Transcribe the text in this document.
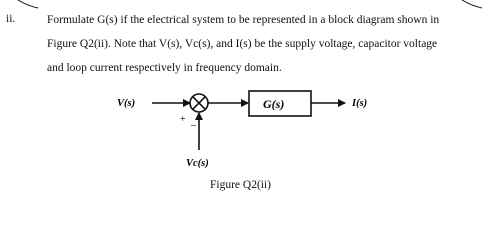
ii.	Formulate G(s) if the electrical system to be represented in a block diagram shown in
Figure Q2(ii). Note that V(s), Vc(s), and I(s) be the supply voltage, capacitor voltage
and loop current respectively in frequency domain.
V(s)
+
–
G(s)	I(s)
Vc(s)
Figure Q2(ii)
